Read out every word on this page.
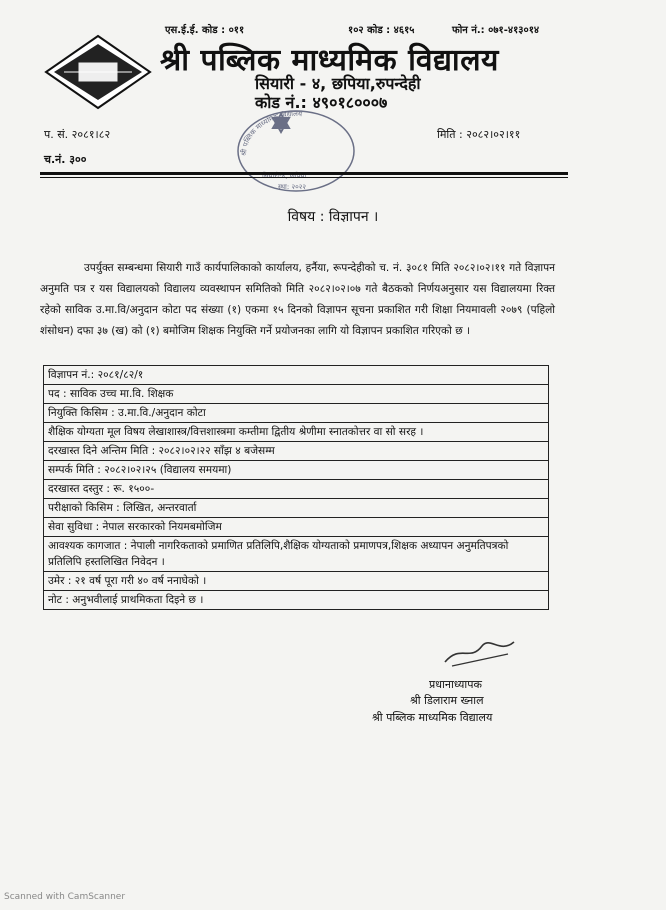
एस.ई.ई. कोड : ०११	१०२ कोड : ४६१५	फोन नं.: ०७१-४१३०१४
श्री पब्लिक माध्यमिक विद्यालय
सियारी - ४, छपिया,रुपन्देही
कोड नं.: ४९०१८०००७
प. सं. २०८१।८२
च.नं. ३००
मिति : २०८२।०२।११
श्री पब्लिक माध्यमिक विद्यालय
सियारी-४, छपिया
स्था: २०२२
विषय : विज्ञापन ।
उपर्युक्त सम्बन्धमा सियारी गाउँ कार्यपालिकाको कार्यालय, हर्नैया, रूपन्देहीको च. नं. ३०८१ मिति २०८२।०२।११ गते विज्ञापन अनुमति पत्र र यस विद्यालयको विद्यालय व्यवस्थापन समितिको मिति २०८२।०२।०७ गते बैठकको निर्णयअनुसार यस विद्यालयमा रिक्त रहेको साविक उ.मा.वि/अनुदान कोटा पद संख्या (१) एकमा १५ दिनको विज्ञापन सूचना प्रकाशित गरी शिक्षा नियमावली २०७९ (पहिलो शंसोधन) दफा ३७ (ख) को (१) बमोजिम शिक्षक नियुक्ति गर्ने प्रयोजनका लागि यो विज्ञापन प्रकाशित गरिएको छ ।
विज्ञापन नं.: २०८१/८२/१
पद : साविक उच्च मा.वि. शिक्षक
नियुक्ति किसिम : उ.मा.वि./अनुदान कोटा
शैक्षिक योग्यता मूल विषय लेखाशास्त्र/वित्तशास्त्रमा कम्तीमा द्वितीय श्रेणीमा स्नातकोत्तर वा सो सरह ।
दरखास्त दिने अन्तिम मिति : २०८२।०२।२२ साँझ ४ बजेसम्म
सम्पर्क मिति : २०८२।०२।२५ (विद्यालय समयमा)
दरखास्त दस्तुर : रू. १५००-
परीक्षाको किसिम : लिखित, अन्तरवार्ता
सेवा सुविधा : नेपाल सरकारको नियमबमोजिम
आवश्यक कागजात : नेपाली नागरिकताको प्रमाणित प्रतिलिपि,शैक्षिक योग्यताको प्रमाणपत्र,शिक्षक अध्यापन अनुमतिपत्रको प्रतिलिपि हस्तलिखित निवेदन ।
उमेर : २१ वर्ष पूरा गरी ४० वर्ष ननाघेको ।
नोट : अनुभवीलाई प्राथमिकता दिइने छ ।
प्रधानाध्यापक
श्री डिलाराम ख्नाल
श्री पब्लिक माध्यमिक विद्यालय
Scanned with CamScanner
